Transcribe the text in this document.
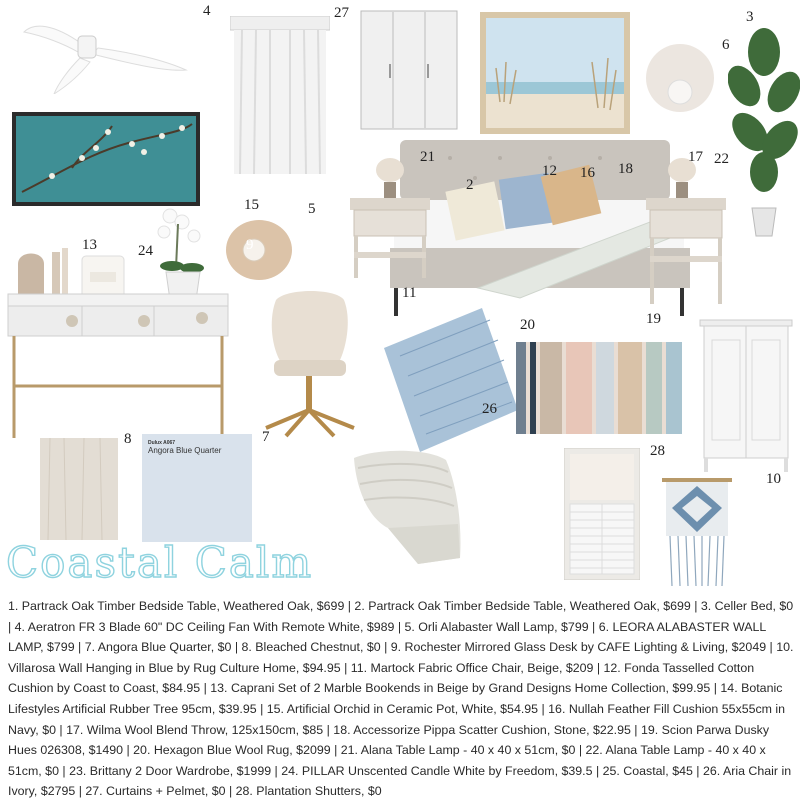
4	27	3
6
21
2
12 16 18
17 22
15	5
9
13	24
11
20	19
26
8	7
28
10
Dulux A067
Angora Blue Quarter
Coastal Calm
1. Partrack Oak Timber Bedside Table, Weathered Oak, $699 | 2. Partrack Oak Timber Bedside Table, Weathered Oak, $699 | 3. Celler Bed, $0 | 4. Aeratron FR 3 Blade 60" DC Ceiling Fan With Remote White, $989 | 5. Orli Alabaster Wall Lamp, $799 | 6. LEORA ALABASTER WALL LAMP, $799 | 7. Angora Blue Quarter, $0 | 8. Bleached Chestnut, $0 | 9. Rochester Mirrored Glass Desk by CAFE Lighting & Living, $2049 | 10. Villarosa Wall Hanging in Blue by Rug Culture Home, $94.95 | 11. Martock Fabric Office Chair, Beige, $209 | 12. Fonda Tasselled Cotton Cushion by Coast to Coast, $84.95 | 13. Caprani Set of 2 Marble Bookends in Beige by Grand Designs Home Collection, $99.95 | 14. Botanic Lifestyles Artificial Rubber Tree 95cm, $39.95 | 15. Artificial Orchid in Ceramic Pot, White, $54.95 | 16. Nullah Feather Fill Cushion 55x55cm in Navy, $0 | 17. Wilma Wool Blend Throw, 125x150cm, $85 | 18. Accessorize Pippa Scatter Cushion, Stone, $22.95 | 19. Scion Parwa Dusky Hues 026308, $1490 | 20. Hexagon Blue Wool Rug, $2099 | 21. Alana Table Lamp - 40 x 40 x 51cm, $0 | 22. Alana Table Lamp - 40 x 40 x 51cm, $0 | 23. Brittany 2 Door Wardrobe, $1999 | 24. PILLAR Unscented Candle White by Freedom, $39.5 | 25. Coastal, $45 | 26. Aria Chair in Ivory, $2795 | 27. Curtains + Pelmet, $0 | 28. Plantation Shutters, $0
